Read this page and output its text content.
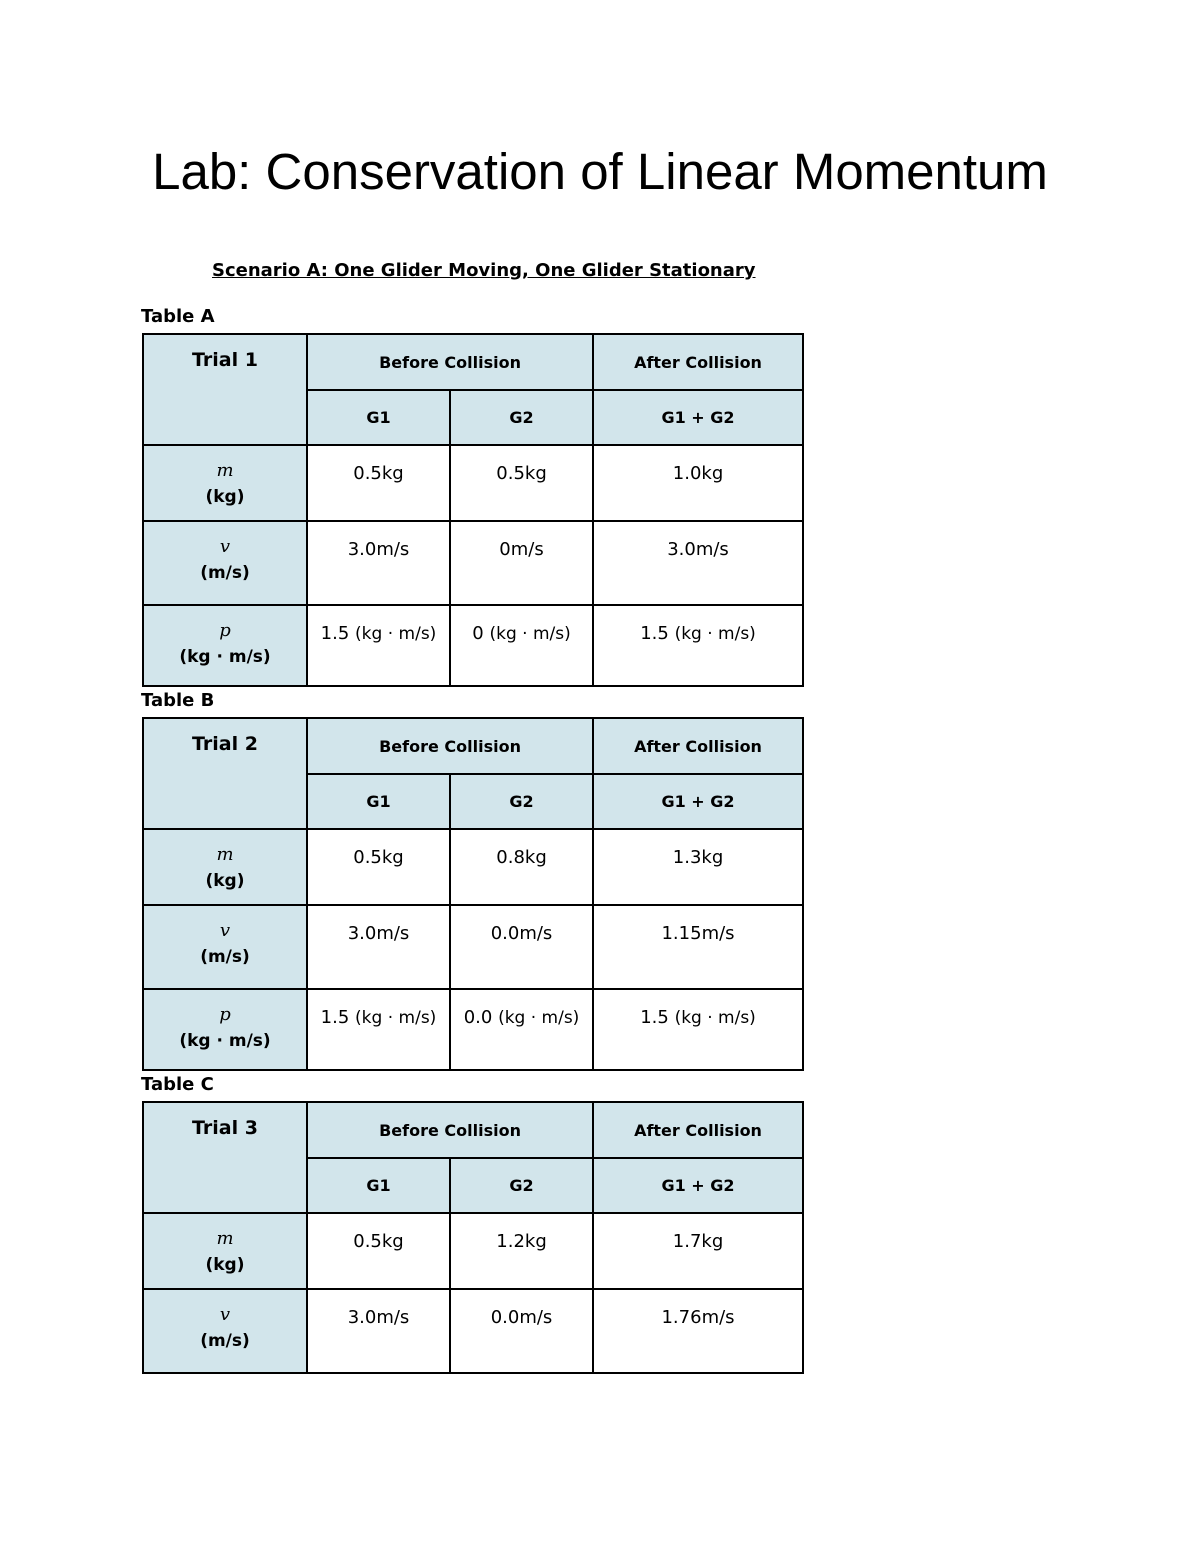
Lab: Conservation of Linear Momentum
Scenario A: One Glider Moving, One Glider Stationary
Table A
Trial 1	Before Collision		After Collision
	G1	G2	G1 + G2
m
(kg)	0.5kg	0.5kg	1.0kg
v
(m/s)	3.0m/s	0m/s	3.0m/s
p
(kg · m/s)	1.5 (kg · m/s)	0 (kg · m/s)	1.5 (kg · m/s)
Table B
Trial 2	Before Collision		After Collision
	G1	G2	G1 + G2
m
(kg)	0.5kg	0.8kg	1.3kg
v
(m/s)	3.0m/s	0.0m/s	1.15m/s
p
(kg · m/s)	1.5 (kg · m/s)	0.0 (kg · m/s)	1.5 (kg · m/s)
Table C
Trial 3	Before Collision		After Collision
	G1	G2	G1 + G2
m
(kg)	0.5kg	1.2kg	1.7kg
v
(m/s)	3.0m/s	0.0m/s	1.76m/s
